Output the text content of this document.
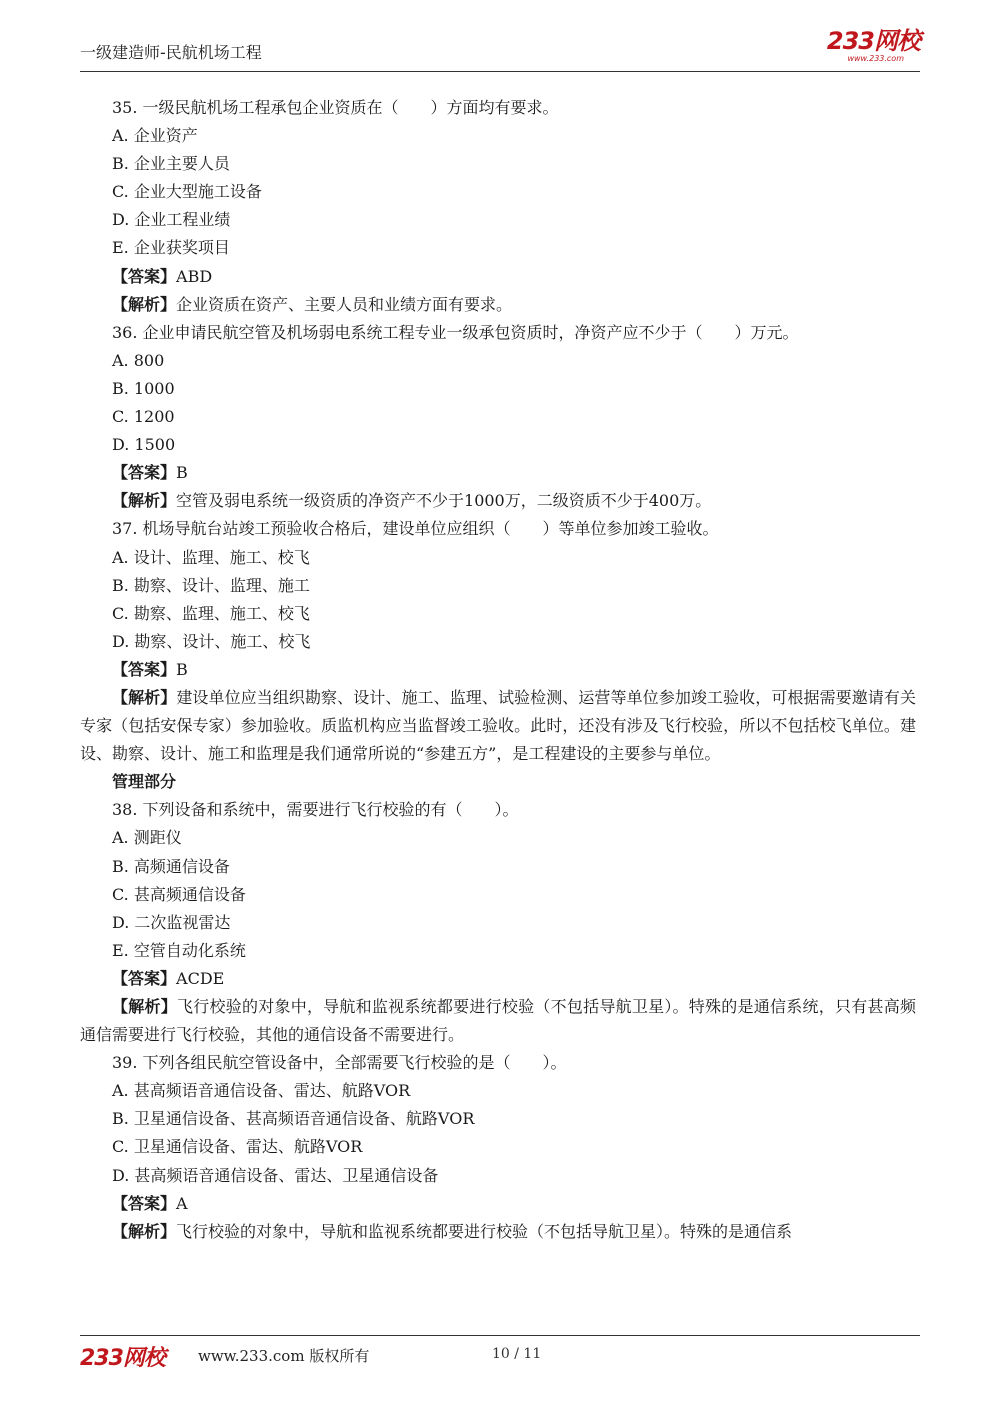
一级建造师-民航机场工程	233网校
www.233.com
35. 一级民航机场工程承包企业资质在（　　）方面均有要求。
A. 企业资产
B. 企业主要人员
C. 企业大型施工设备
D. 企业工程业绩
E. 企业获奖项目
【答案】ABD
【解析】企业资质在资产、主要人员和业绩方面有要求。
36. 企业申请民航空管及机场弱电系统工程专业一级承包资质时，净资产应不少于（　　）万元。
A. 800
B. 1000
C. 1200
D. 1500
【答案】B
【解析】空管及弱电系统一级资质的净资产不少于1000万，二级资质不少于400万。
37. 机场导航台站竣工预验收合格后，建设单位应组织（　　）等单位参加竣工验收。
A. 设计、监理、施工、校飞
B. 勘察、设计、监理、施工
C. 勘察、监理、施工、校飞
D. 勘察、设计、施工、校飞
【答案】B
【解析】建设单位应当组织勘察、设计、施工、监理、试验检测、运营等单位参加竣工验收，可根据需要邀请有关专家（包括安保专家）参加验收。质监机构应当监督竣工验收。此时，还没有涉及飞行校验，所以不包括校飞单位。建设、勘察、设计、施工和监理是我们通常所说的“参建五方”，是工程建设的主要参与单位。
管理部分
38. 下列设备和系统中，需要进行飞行校验的有（　　）。
A. 测距仪
B. 高频通信设备
C. 甚高频通信设备
D. 二次监视雷达
E. 空管自动化系统
【答案】ACDE
【解析】飞行校验的对象中，导航和监视系统都要进行校验（不包括导航卫星）。特殊的是通信系统，只有甚高频通信需要进行飞行校验，其他的通信设备不需要进行。
39. 下列各组民航空管设备中，全部需要飞行校验的是（　　）。
A. 甚高频语音通信设备、雷达、航路VOR
B. 卫星通信设备、甚高频语音通信设备、航路VOR
C. 卫星通信设备、雷达、航路VOR
D. 甚高频语音通信设备、雷达、卫星通信设备
【答案】A
【解析】飞行校验的对象中，导航和监视系统都要进行校验（不包括导航卫星）。特殊的是通信系
233网校 www.233.com 版权所有	10 / 11
